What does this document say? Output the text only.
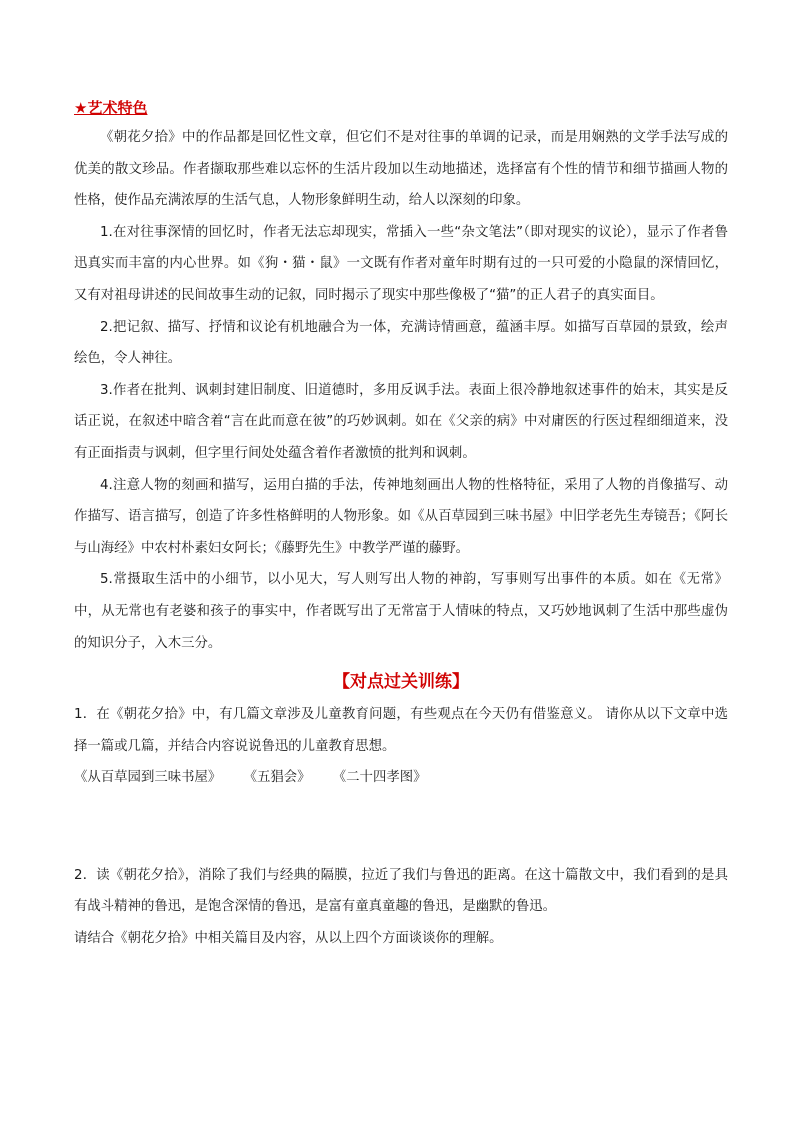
★艺术特色

《朝花夕拾》中的作品都是回忆性文章，但它们不是对往事的单调的记录，而是用娴熟的文学手法写成的优美的散文珍品。作者撷取那些难以忘怀的生活片段加以生动地描述，选择富有个性的情节和细节描画人物的性格，使作品充满浓厚的生活气息，人物形象鲜明生动，给人以深刻的印象。

1.在对往事深情的回忆时，作者无法忘却现实，常插入一些“杂文笔法”（即对现实的议论），显示了作者鲁迅真实而丰富的内心世界。如《狗・猫・鼠》一文既有作者对童年时期有过的一只可爱的小隐鼠的深情回忆，又有对祖母讲述的民间故事生动的记叙，同时揭示了现实中那些像极了“猫”的正人君子的真实面目。

2.把记叙、描写、抒情和议论有机地融合为一体，充满诗情画意，蕴涵丰厚。如描写百草园的景致，绘声绘色，令人神往。

3.作者在批判、讽刺封建旧制度、旧道德时，多用反讽手法。表面上很冷静地叙述事件的始末，其实是反话正说，在叙述中暗含着“言在此而意在彼”的巧妙讽刺。如在《父亲的病》中对庸医的行医过程细细道来，没有正面指责与讽刺，但字里行间处处蕴含着作者激愤的批判和讽刺。

4.注意人物的刻画和描写，运用白描的手法，传神地刻画出人物的性格特征，采用了人物的肖像描写、动作描写、语言描写，创造了许多性格鲜明的人物形象。如《从百草园到三味书屋》中旧学老先生寿镜吾；《阿长与山海经》中农村朴素妇女阿长；《藤野先生》中教学严谨的藤野。

5.常摄取生活中的小细节，以小见大，写人则写出人物的神韵，写事则写出事件的本质。如在《无常》中，从无常也有老婆和孩子的事实中，作者既写出了无常富于人情味的特点，又巧妙地讽刺了生活中那些虚伪的知识分子，入木三分。

【对点过关训练】

1．在《朝花夕拾》中，有几篇文章涉及儿童教育问题，有些观点在今天仍有借鉴意义。 请你从以下文章中选择一篇或几篇，并结合内容说说鲁迅的儿童教育思想。

《从百草园到三味书屋》 《五猖会》 《二十四孝图》

2．读《朝花夕拾》，消除了我们与经典的隔膜，拉近了我们与鲁迅的距离。在这十篇散文中，我们看到的是具有战斗精神的鲁迅，是饱含深情的鲁迅，是富有童真童趣的鲁迅，是幽默的鲁迅。

请结合《朝花夕拾》中相关篇目及内容，从以上四个方面谈谈你的理解。
